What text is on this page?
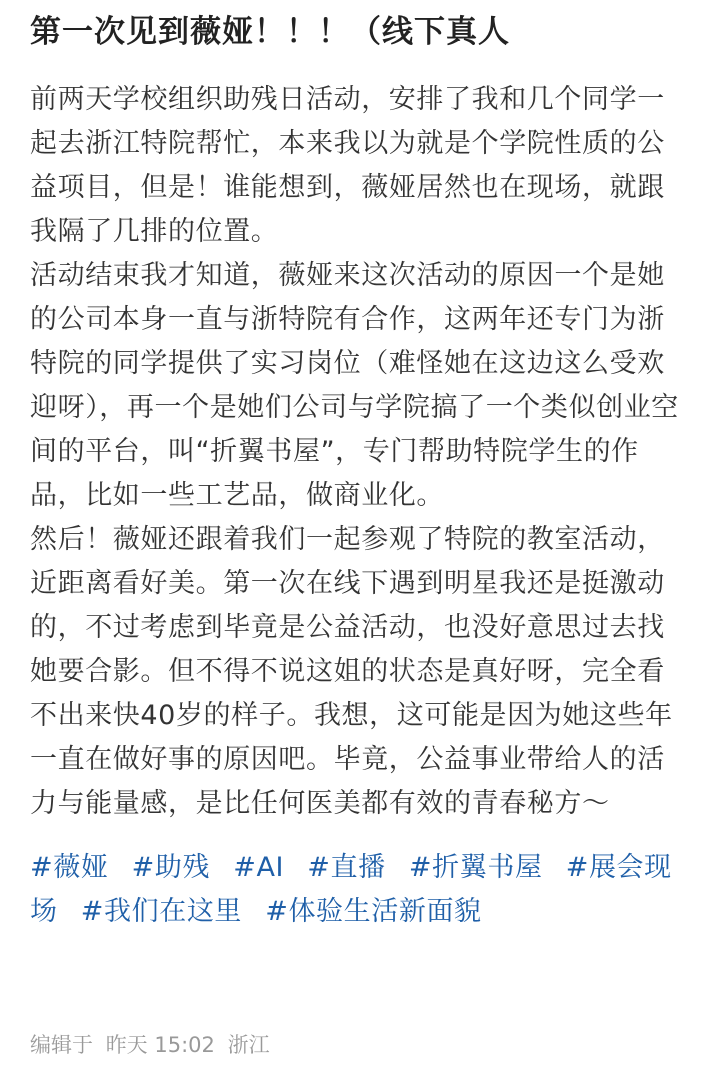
第一次见到薇娅！！！（线下真人

前两天学校组织助残日活动，安排了我和几个同学一起去浙江特院帮忙，本来我以为就是个学院性质的公益项目，但是！谁能想到，薇娅居然也在现场，就跟我隔了几排的位置。

活动结束我才知道，薇娅来这次活动的原因一个是她的公司本身一直与浙特院有合作，这两年还专门为浙特院的同学提供了实习岗位（难怪她在这边这么受欢迎呀），再一个是她们公司与学院搞了一个类似创业空间的平台，叫“折翼书屋”，专门帮助特院学生的作品，比如一些工艺品，做商业化。

然后！薇娅还跟着我们一起参观了特院的教室活动，近距离看好美。第一次在线下遇到明星我还是挺激动的，不过考虑到毕竟是公益活动，也没好意思过去找她要合影。但不得不说这姐的状态是真好呀，完全看不出来快40岁的样子。我想，这可能是因为她这些年一直在做好事的原因吧。毕竟，公益事业带给人的活力与能量感，是比任何医美都有效的青春秘方～

#薇娅 #助残 #AI #直播 #折翼书屋 #展会现场 #我们在这里 #体验生活新面貌
编辑于 昨天 15:02 浙江
